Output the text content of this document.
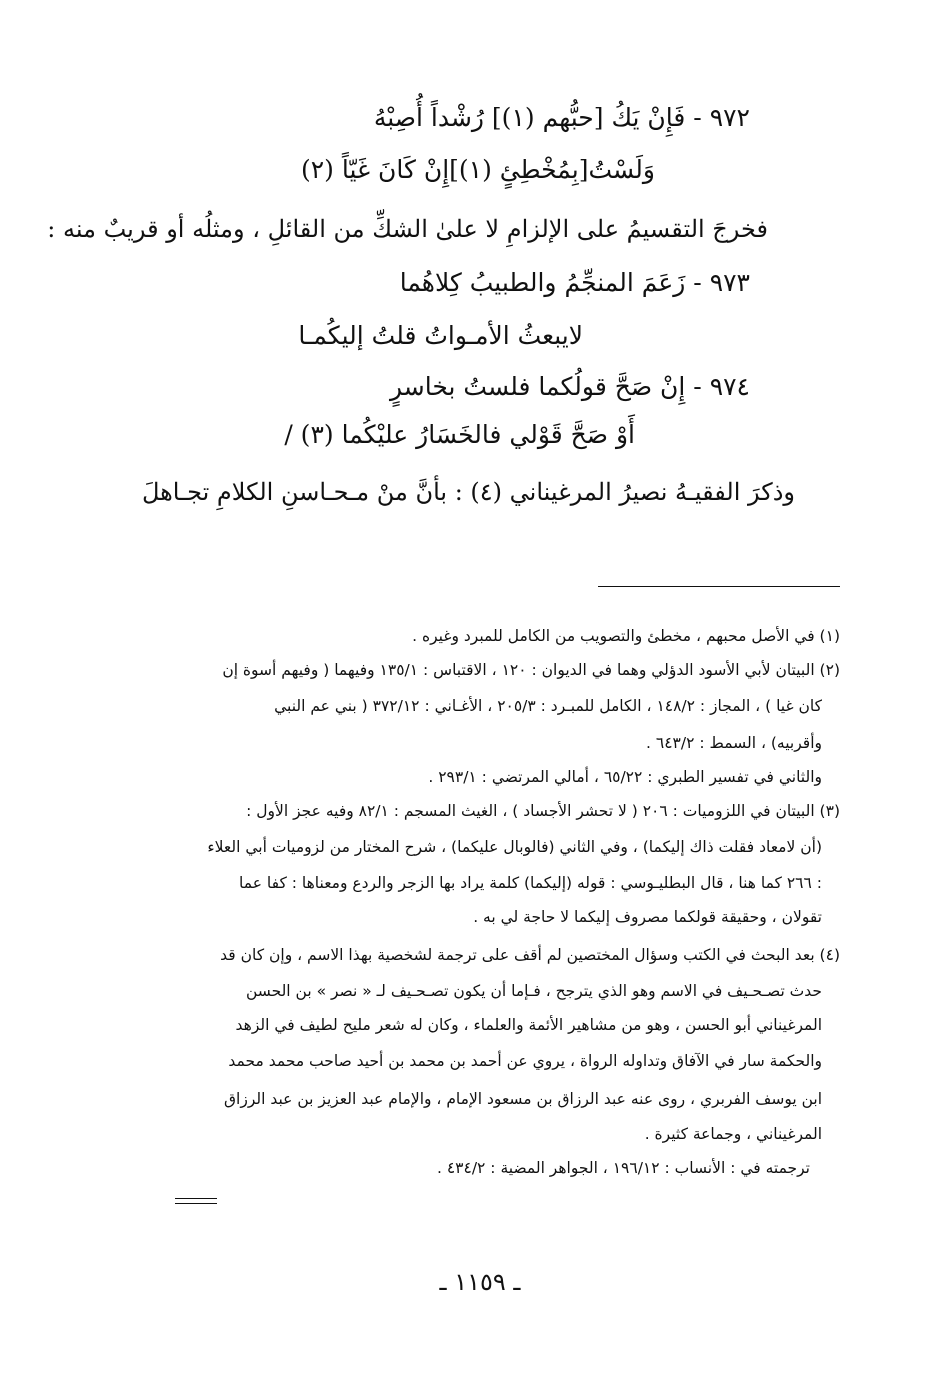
٩٧٢ - فَإِنْ يَكُ [حبُّهم (١)] رُشْداً أُصِبْهُ
وَلَسْتُ[بِمُخْطِئٍ (١)]إِنْ كَانَ غَيّاً (٢)
فخرجَ التقسيمُ على الإلزامِ لا علىٰ الشكِّ من القائلِ ، ومثلُه أو قريبٌ منه :
٩٧٣ - زَعَمَ المنجِّمُ والطبيبُ كِلاهُما
لايبعثُ الأمـواتُ قلتُ إليكُمـا
٩٧٤ - إِنْ صَحَّ قولُكما فلستُ بخاسرٍ
أَوْ صَحَّ قَوْلي فالخَسَارُ عليْكُما (٣) /
وذكرَ الفقيـهُ نصيرُ المرغيناني (٤) : بأنَّ منْ مـحـاسنِ الكلامِ تجـاهلَ
(١) في الأصل محبهم ، مخطئ والتصويب من الكامل للمبرد وغيره .
(٢) البيتان لأبي الأسود الدؤلي وهما في الديوان : ١٢٠ ، الاقتباس : ١٣٥/١ وفيهما ( وفيهم أسوة إن
كان غيا ) ، المجاز : ١٤٨/٢ ، الكامل للمبـرد : ٢٠٥/٣ ، الأغـاني : ٣٧٢/١٢ ( بني عم النبي
وأقربيه) ، السمط : ٦٤٣/٢ .
والثاني في تفسير الطبري : ٦٥/٢٢ ، أمالي المرتضي : ٢٩٣/١ .
(٣) البيتان في اللزوميات : ٢٠٦ ( لا تحشر الأجساد ) ، الغيث المسجم : ٨٢/١ وفيه عجز الأول :
(أن لامعاد فقلت ذاك إليكما) ، وفي الثاني (فالوبال عليكما) ، شرح المختار من لزوميات أبي العلاء
: ٢٦٦ كما هنا ، قال البطليـوسي : قوله (إليكما) كلمة يراد بها الزجر والردع ومعناها : كفا عما
تقولان ، وحقيقة قولكما مصروف إليكما لا حاجة لي به .
(٤) بعد البحث في الكتب وسؤال المختصين لم أقف على ترجمة لشخصية بهذا الاسم ، وإن كان قد
حدث تصـحـيف في الاسم وهو الذي يترجح ، فـإما أن يكون تصـحـيف لـ « نصر » بن الحسن
المرغيناني أبو الحسن ، وهو من مشاهير الأئمة والعلماء ، وكان له شعر مليح لطيف في الزهد
والحكمة سار في الآفاق وتداوله الرواة ، يروي عن أحمد بن محمد بن أحيد صاحب محمد محمد
ابن يوسف الفربري ، روى عنه عبد الرزاق بن مسعود الإمام ، والإمام عبد العزيز بن عبد الرزاق
المرغيناني ، وجماعة كثيرة .
ترجمته في : الأنساب : ١٩٦/١٢ ، الجواهر المضية : ٤٣٤/٢ .
ـ ١١٥٩ ـ
